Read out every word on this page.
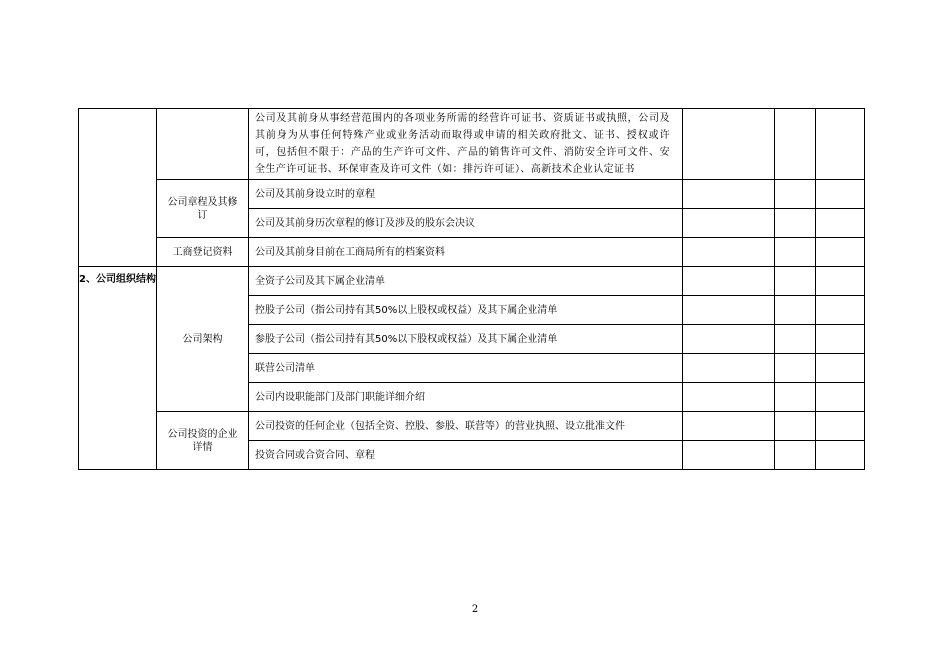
		公司及其前身从事经营范围内的各项业务所需的经营许可证书、资质证书或执照，公司及其前身为从事任何特殊产业或业务活动而取得或申请的相关政府批文、证书、授权或许可，包括但不限于：产品的生产许可文件、产品的销售许可文件、消防安全许可文件、安全生产许可证书、环保审查及许可文件（如：排污许可证）、高新技术企业认定证书			
	公司章程及其修订	公司及其前身设立时的章程			
		公司及其前身历次章程的修订及涉及的股东会决议			
	工商登记资料	公司及其前身目前在工商局所有的档案资料			
2、公司组织结构	公司架构	全资子公司及其下属企业清单			
		控股子公司（指公司持有其50%以上股权或权益）及其下属企业清单			
		参股子公司（指公司持有其50%以下股权或权益）及其下属企业清单			
		联营公司清单			
		公司内设职能部门及部门职能详细介绍			
	公司投资的企业详情	公司投资的任何企业（包括全资、控股、参股、联营等）的营业执照、设立批准文件			
		投资合同或合资合同、章程			
2
